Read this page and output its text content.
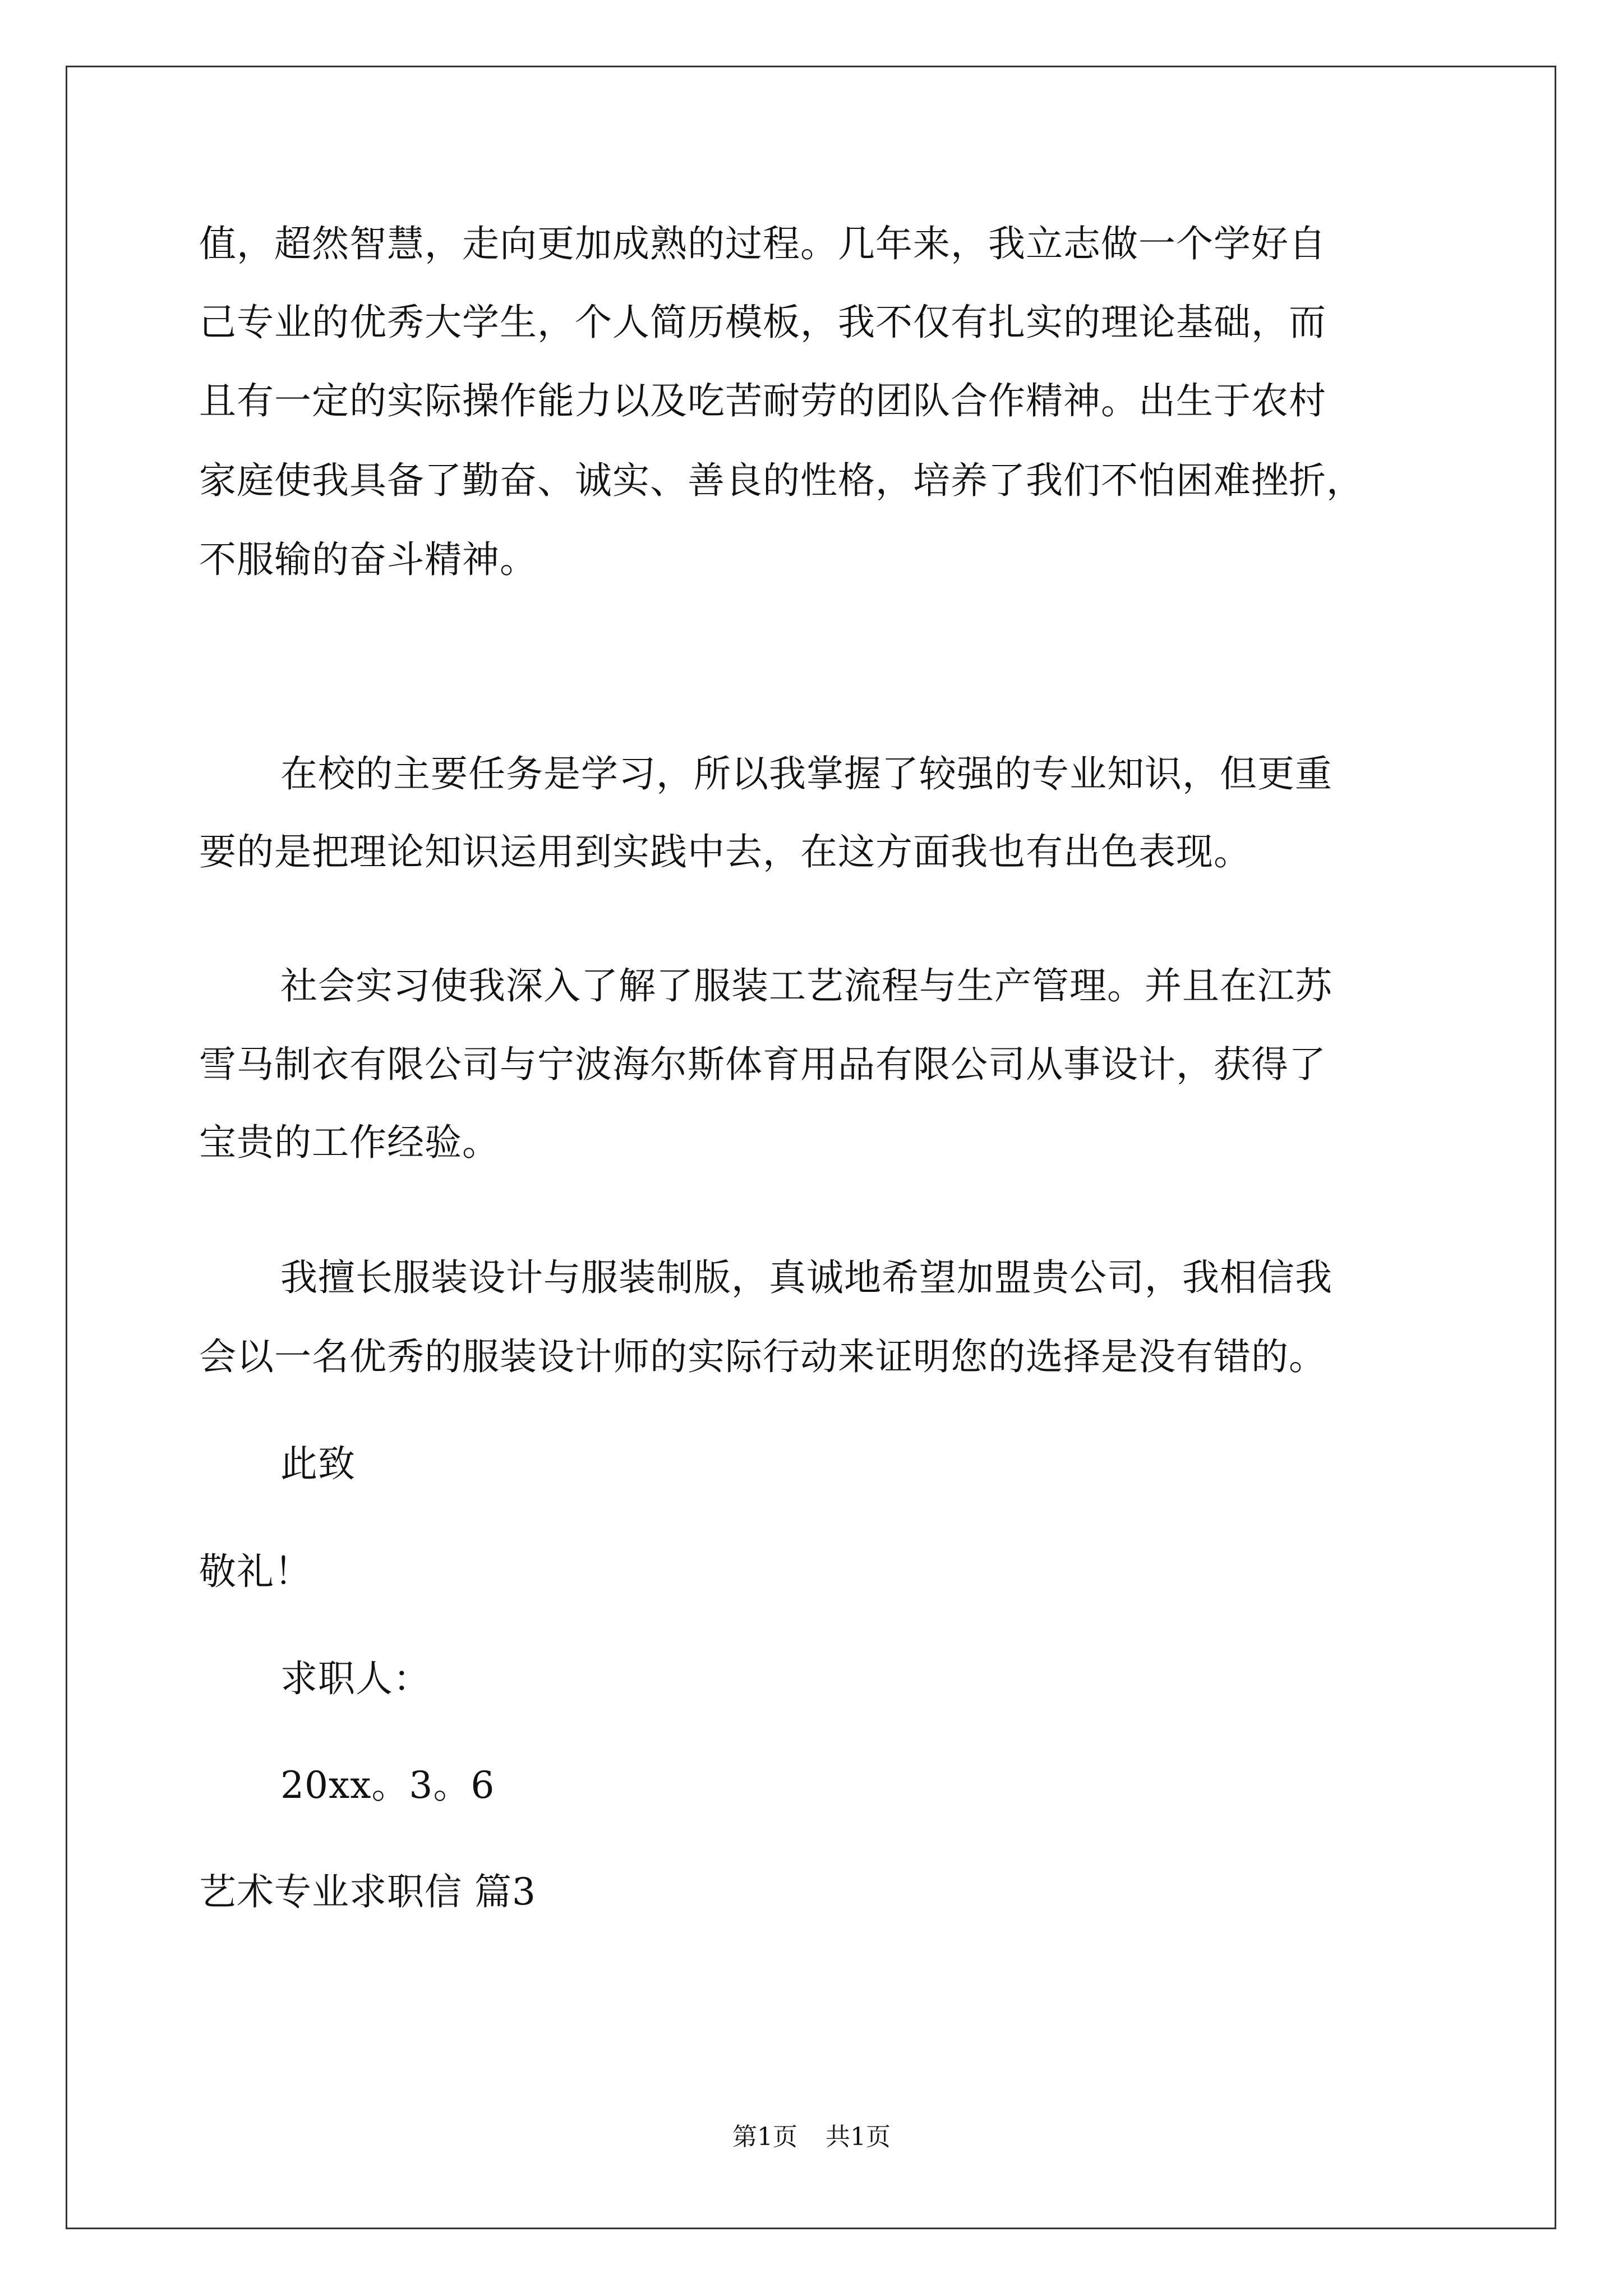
值，超然智慧，走向更加成熟的过程。几年来，我立志做一个学好自
己专业的优秀大学生，个人简历模板，我不仅有扎实的理论基础，而
且有一定的实际操作能力以及吃苦耐劳的团队合作精神。出生于农村
家庭使我具备了勤奋、诚实、善良的性格，培养了我们不怕困难挫折，
不服输的奋斗精神。
在校的主要任务是学习，所以我掌握了较强的专业知识，但更重
要的是把理论知识运用到实践中去，在这方面我也有出色表现。
社会实习使我深入了解了服装工艺流程与生产管理。并且在江苏
雪马制衣有限公司与宁波海尔斯体育用品有限公司从事设计，获得了
宝贵的工作经验。
我擅长服装设计与服装制版，真诚地希望加盟贵公司，我相信我
会以一名优秀的服装设计师的实际行动来证明您的选择是没有错的。
此致
敬礼！
求职人：
20xx。3。6
艺术专业求职信 篇3
第1页 共1页
